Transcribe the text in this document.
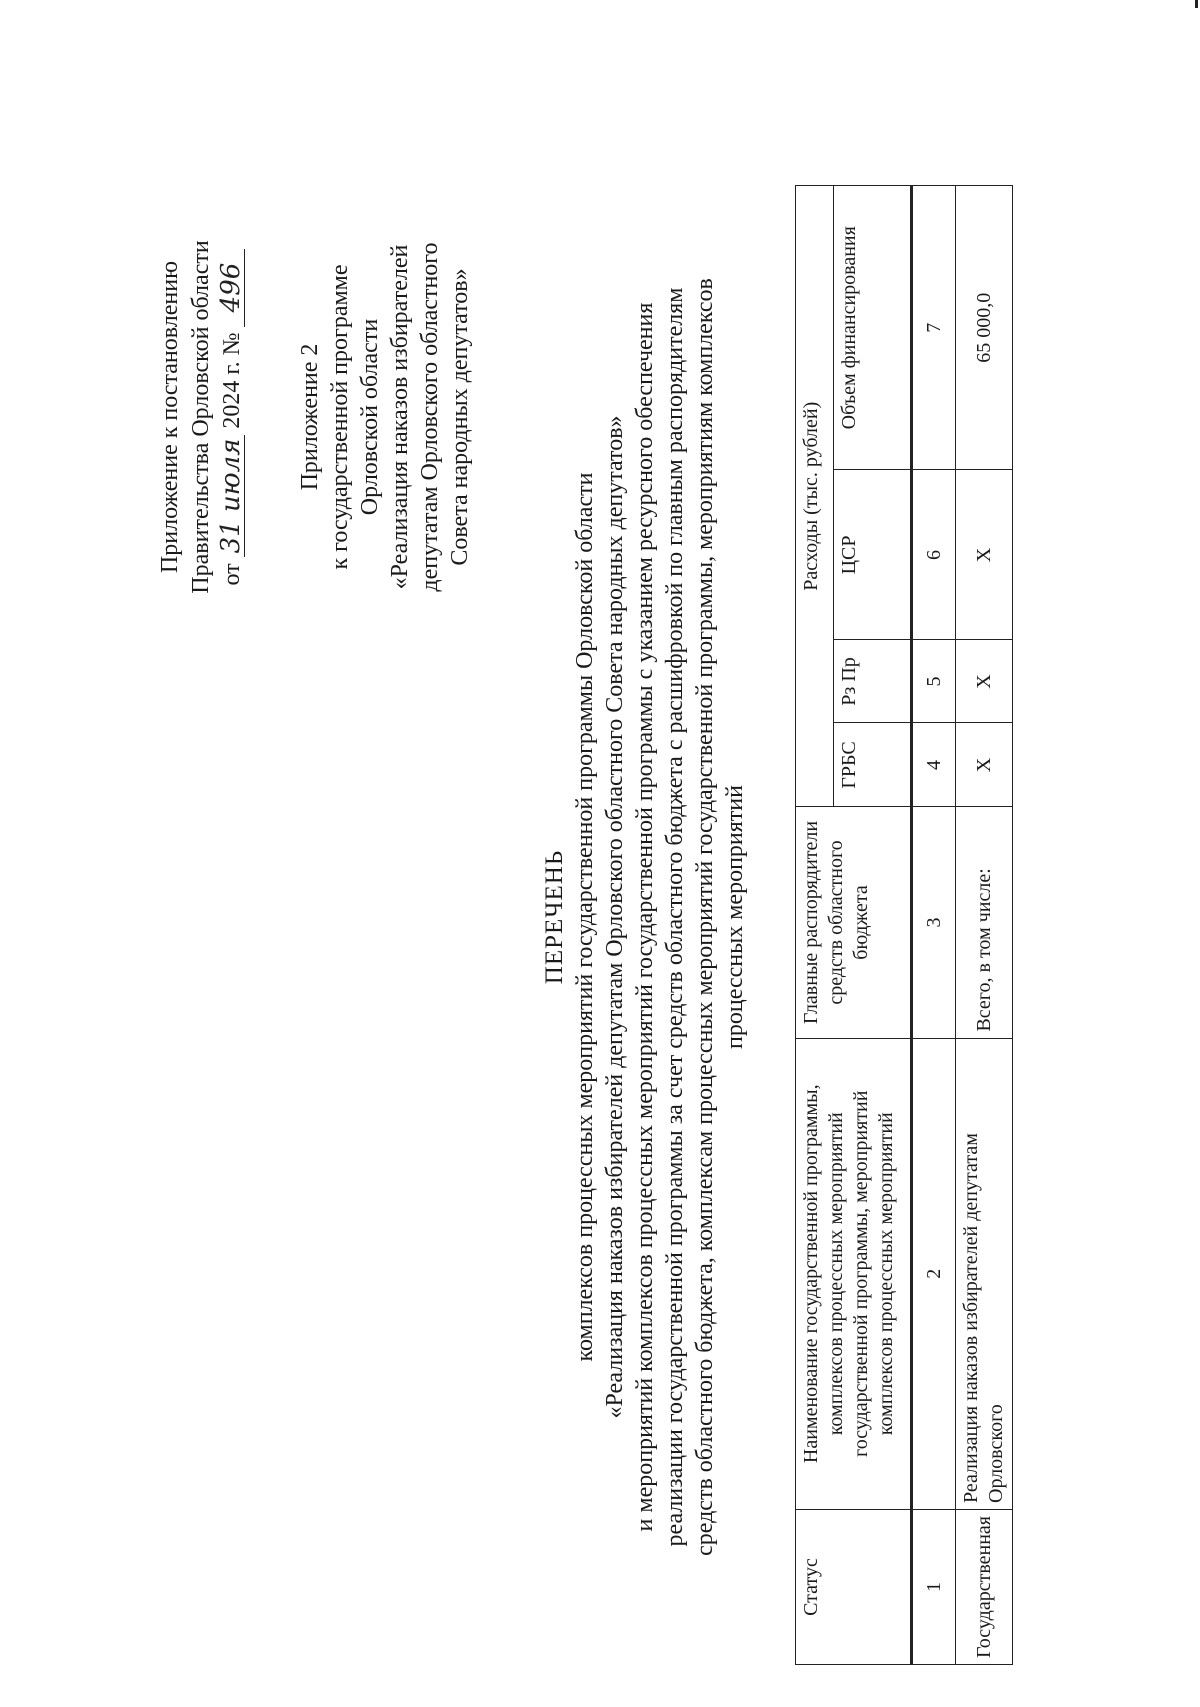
Приложение к постановлению Правительства Орловской области от 31 июля 2024 г. № 496
Приложение 2 к государственной программе Орловской области «Реализация наказов избирателей депутатам Орловского областного Совета народных депутатов»
ПЕРЕЧЕНЬ комплексов процессных мероприятий государственной программы Орловской области «Реализация наказов избирателей депутатам Орловского областного Совета народных депутатов» и мероприятий комплексов процессных мероприятий государственной программы с указанием ресурсного обеспечения реализации государственной программы за счет средств областного бюджета с расшифровкой по главным распорядителям средств областного бюджета, комплексам процессных мероприятий государственной программы, мероприятиям комплексов процессных мероприятий
Статус	Наименование государственной программы, комплексов процессных мероприятий государственной программы, мероприятий комплексов процессных мероприятий	Главные распорядители средств областного бюджета	Расходы (тыс. рублей)			
			ГРБС	Рз Пр	ЦСР	Объем финансирования
1	2	3	4	5	6	7
Государственная	Реализация наказов избирателей депутатам Орловского	Всего, в том числе:	Х	Х	Х	65 000,0
